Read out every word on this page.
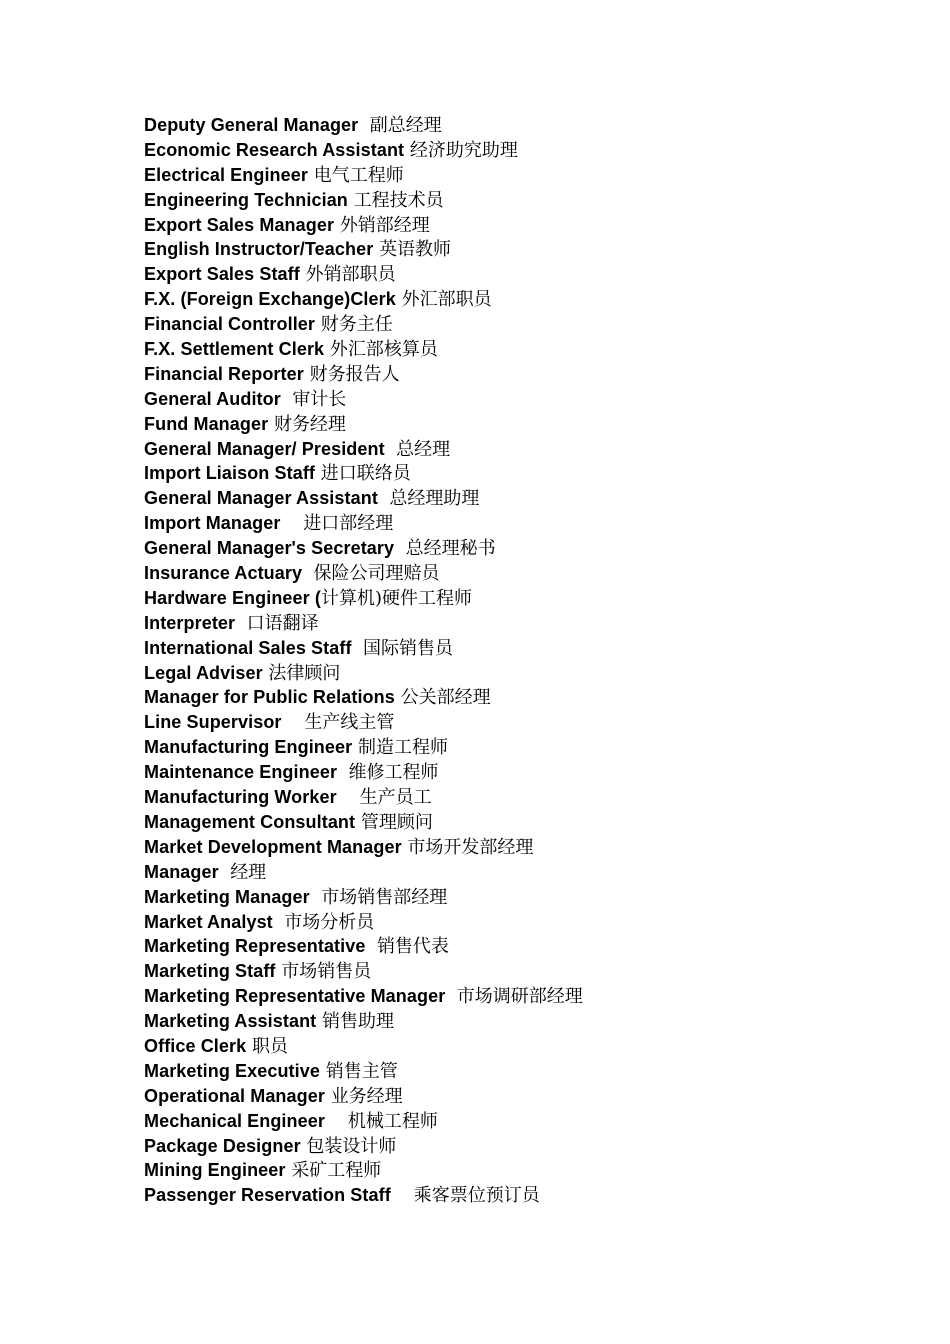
Deputy General Manager 副总经理
Economic Research Assistant 经济助究助理
Electrical Engineer 电气工程师
Engineering Technician 工程技术员
Export Sales Manager 外销部经理
English Instructor/Teacher 英语教师
Export Sales Staff 外销部职员
F.X. (Foreign Exchange)Clerk 外汇部职员
Financial Controller 财务主任
F.X. Settlement Clerk 外汇部核算员
Financial Reporter 财务报告人
General Auditor 审计长
Fund Manager 财务经理
General Manager/ President 总经理
Import Liaison Staff 进口联络员
General Manager Assistant 总经理助理
Import Manager 进口部经理
General Manager's Secretary 总经理秘书
Insurance Actuary 保险公司理赔员
Hardware Engineer (计算机)硬件工程师
Interpreter 口语翻译
International Sales Staff 国际销售员
Legal Adviser 法律顾问
Manager for Public Relations 公关部经理
Line Supervisor 生产线主管
Manufacturing Engineer 制造工程师
Maintenance Engineer 维修工程师
Manufacturing Worker 生产员工
Management Consultant 管理顾问
Market Development Manager 市场开发部经理
Manager 经理
Marketing Manager 市场销售部经理
Market Analyst 市场分析员
Marketing Representative 销售代表
Marketing Staff 市场销售员
Marketing Representative Manager 市场调研部经理
Marketing Assistant 销售助理
Office Clerk 职员
Marketing Executive 销售主管
Operational Manager 业务经理
Mechanical Engineer 机械工程师
Package Designer 包装设计师
Mining Engineer 采矿工程师
Passenger Reservation Staff 乘客票位预订员
